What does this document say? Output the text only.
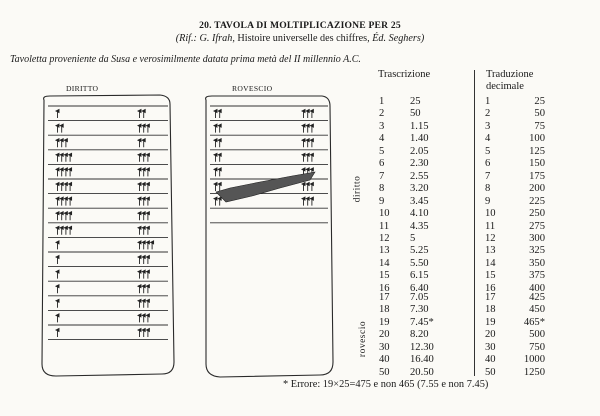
20. TAVOLA DI MOLTIPLICAZIONE PER 25
(Rif.: G. Ifrah, Histoire universelle des chiffres, Éd. Seghers)
Tavoletta proveniente da Susa e verosimilmente datata prima metà del II millennio A.C.
DIRITTO	ROVESCIO
diritto
rovescio
Trascrizione	Traduzione
decimale
1	25	1	25
2	50	2	50
3	1.15	3	75
4	1.40	4	100
5	2.05	5	125
6	2.30	6	150
7	2.55	7	175
8	3.20	8	200
9	3.45	9	225
10	4.10	10	250
11	4.35	11	275
12	5	12	300
13	5.25	13	325
14	5.50	14	350
15	6.15	15	375
16	6.40	16	400
17	7.05	17	425
18	7.30	18	450
19	7.45*	19	465*
20	8.20	20	500
30	12.30	30	750
40	16.40	40	1000
50	20.50	50	1250
* Errore: 19×25=475 e non 465 (7.55 e non 7.45)
